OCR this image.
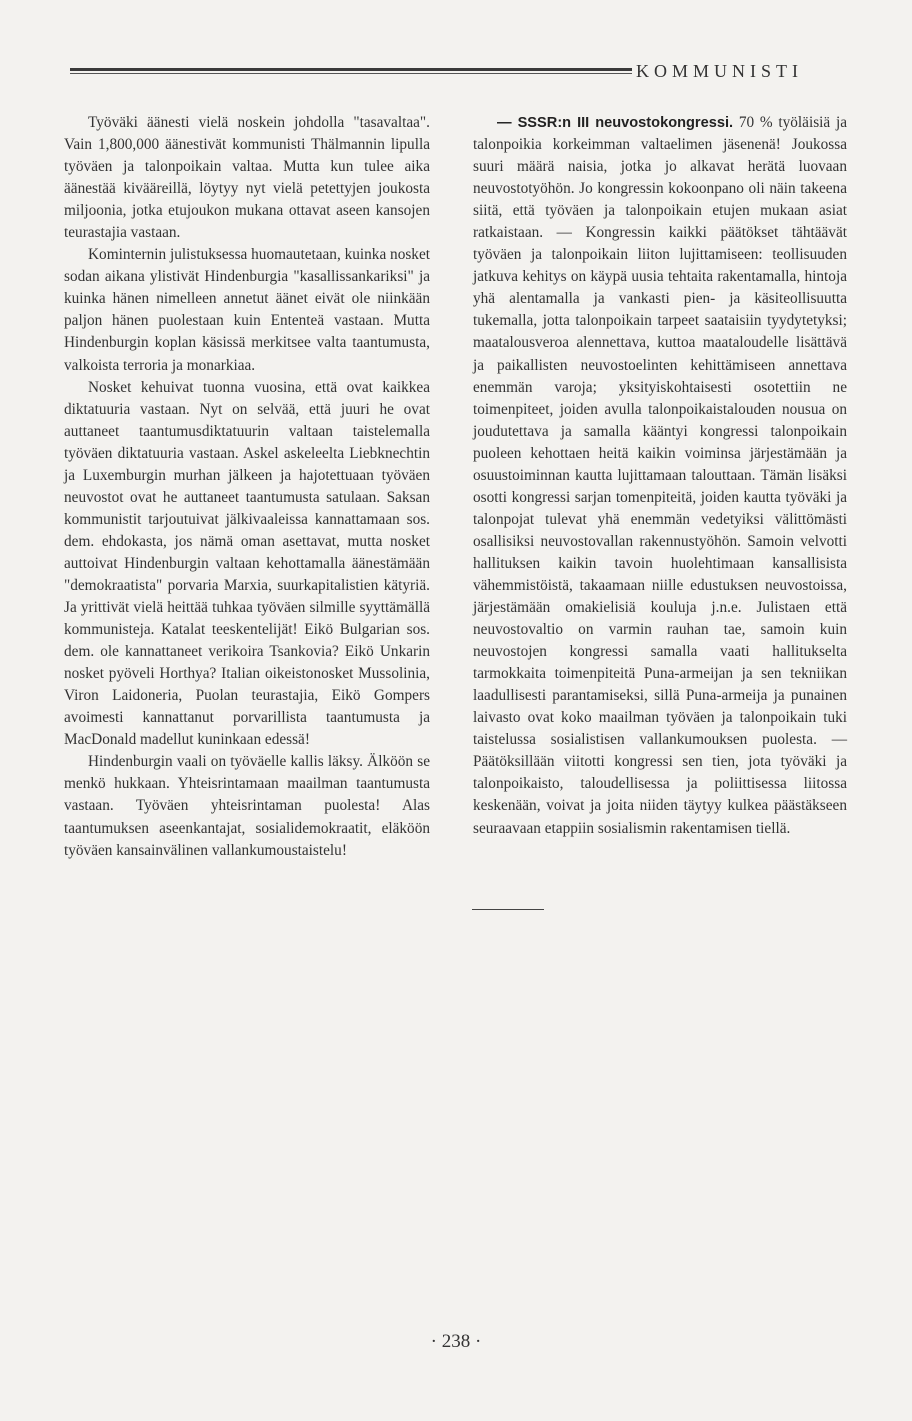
KOMMUNISTI

Työväki äänesti vielä noskein johdolla "tasavaltaa". Vain 1,800,000 äänestivät kommunisti Thälmannin lipulla työväen ja talonpoikain valtaa. Mutta kun tulee aika äänestää kivääreillä, löytyy nyt vielä petettyjen joukosta miljoonia, jotka etujoukon mukana ottavat aseen kansojen teurastajia vastaan.

Kominternin julistuksessa huomautetaan, kuinka nosket sodan aikana ylistivät Hindenburgia "kasallissankariksi" ja kuinka hänen nimelleen annetut äänet eivät ole niinkään paljon hänen puolestaan kuin Ententeä vastaan. Mutta Hindenburgin koplan käsissä merkitsee valta taantumusta, valkoista terroria ja monarkiaa.

Nosket kehuivat tuonna vuosina, että ovat kaikkea diktatuuria vastaan. Nyt on selvää, että juuri he ovat auttaneet taantumusdiktatuurin valtaan taistelemalla työväen diktatuuria vastaan. Askel askeleelta Liebknechtin ja Luxemburgin murhan jälkeen ja hajotettuaan työväen neuvostot ovat he auttaneet taantumusta satulaan. Saksan kommunistit tarjoutuivat jälkivaaleissa kannattamaan sos. dem. ehdokasta, jos nämä oman asettavat, mutta nosket auttoivat Hindenburgin valtaan kehottamalla äänestämään "demokraatista" porvaria Marxia, suurkapitalistien kätyriä. Ja yrittivät vielä heittää tuhkaa työväen silmille syyttämällä kommunisteja. Katalat teeskentelijät! Eikö Bulgarian sos. dem. ole kannattaneet verikoira Tsankovia? Eikö Unkarin nosket pyöveli Horthya? Italian oikeistonosket Mussolinia, Viron Laidoneria, Puolan teurastajia, Eikö Gompers avoimesti kannattanut porvarillista taantumusta ja MacDonald madellut kuninkaan edessä!

Hindenburgin vaali on työväelle kallis läksy. Älköön se menkö hukkaan. Yhteisrintamaan maailman taantumusta vastaan. Työväen yhteisrintaman puolesta! Alas taantumuksen aseenkantajat, sosialidemokraatit, eläköön työväen kansainvälinen vallankumoustaistelu!

— SSSR:n III neuvostokongressi. 70 % työläisiä ja talonpoikia korkeimman valtaelimen jäsenenä! Joukossa suuri määrä naisia, jotka jo alkavat herätä luovaan neuvostotyöhön. Jo kongressin kokoonpano oli näin takeena siitä, että työväen ja talonpoikain etujen mukaan asiat ratkaistaan. — Kongressin kaikki päätökset tähtäävät työväen ja talonpoikain liiton lujittamiseen: teollisuuden jatkuva kehitys on käypä uusia tehtaita rakentamalla, hintoja yhä alentamalla ja vankasti pien- ja käsiteollisuutta tukemalla, jotta talonpoikain tarpeet saataisiin tyydytetyksi; maatalousveroa alennettava, kuttoa maataloudelle lisättävä ja paikallisten neuvostoelinten kehittämiseen annettava enemmän varoja; yksityiskohtaisesti osotettiin ne toimenpiteet, joiden avulla talonpoikaistalouden nousua on joudutettava ja samalla kääntyi kongressi talonpoikain puoleen kehottaen heitä kaikin voiminsa järjestämään ja osuustoiminnan kautta lujittamaan talouttaan. Tämän lisäksi osotti kongressi sarjan tomenpiteitä, joiden kautta työväki ja talonpojat tulevat yhä enemmän vedetyiksi välittömästi osallisiksi neuvostovallan rakennustyöhön. Samoin velvotti hallituksen kaikin tavoin huolehtimaan kansallisista vähemmistöistä, takaamaan niille edustuksen neuvostoissa, järjestämään omakielisiä kouluja j.n.e. Julistaen että neuvostovaltio on varmin rauhan tae, samoin kuin neuvostojen kongressi samalla vaati hallitukselta tarmokkaita toimenpiteitä Puna-armeijan ja sen tekniikan laadullisesti parantamiseksi, sillä Puna-armeija ja punainen laivasto ovat koko maailman työväen ja talonpoikain tuki taistelussa sosialistisen vallankumouksen puolesta. — Päätöksillään viitotti kongressi sen tien, jota työväki ja talonpoikaisto, taloudellisessa ja poliittisessa liitossa keskenään, voivat ja joita niiden täytyy kulkea päästäkseen seuraavaan etappiin sosialismin rakentamisen tiellä.

· 238 ·
